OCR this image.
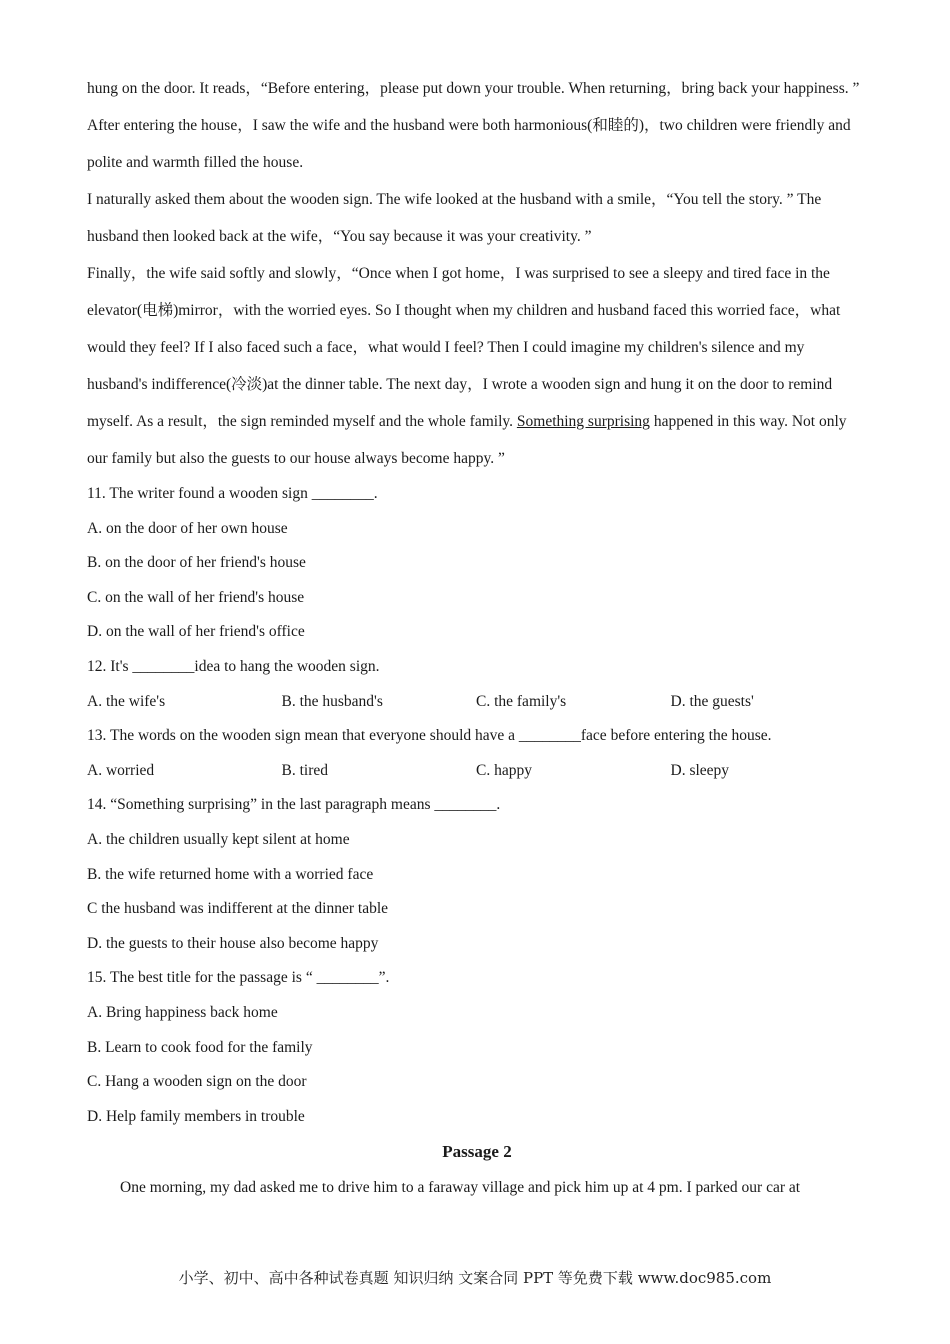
hung on the door. It reads，“Before entering，please put down your trouble. When returning，bring back your happiness. ”

After entering the house，I saw the wife and the husband were both harmonious(和睦的)，two children were friendly and polite and warmth filled the house.

I naturally asked them about the wooden sign. The wife looked at the husband with a smile，“You tell the story. ” The husband then looked back at the wife，“You say because it was your creativity. ”

Finally，the wife said softly and slowly，“Once when I got home，I was surprised to see a sleepy and tired face in the elevator(电梯)mirror，with the worried eyes. So I thought when my children and husband faced this worried face，what would they feel? If I also faced such a face，what would I feel? Then I could imagine my children's silence and my husband's indifference(冷淡)at the dinner table. The next day，I wrote a wooden sign and hung it on the door to remind myself. As a result，the sign reminded myself and the whole family. Something surprising happened in this way. Not only our family but also the guests to our house always become happy. ”

11. The writer found a wooden sign ________.

A. on the door of her own house

B. on the door of her friend's house

C. on the wall of her friend's house

D. on the wall of her friend's office

12. It's ________idea to hang the wooden sign.

A. the wife's	B. the husband's	C. the family's	D. the guests'

13. The words on the wooden sign mean that everyone should have a ________face before entering the house.

A. worried	B. tired	C. happy	D. sleepy

14. “Something surprising” in the last paragraph means ________.

A. the children usually kept silent at home

B. the wife returned home with a worried face

C the husband was indifferent at the dinner table

D. the guests to their house also become happy

15. The best title for the passage is “ ________”.

A. Bring happiness back home

B. Learn to cook food for the family

C. Hang a wooden sign on the door

D. Help family members in trouble

Passage 2

One morning, my dad asked me to drive him to a faraway village and pick him up at 4 pm. I parked our car at

小学、初中、高中各种试卷真题 知识归纳 文案合同 PPT 等免费下载 www.doc985.com
